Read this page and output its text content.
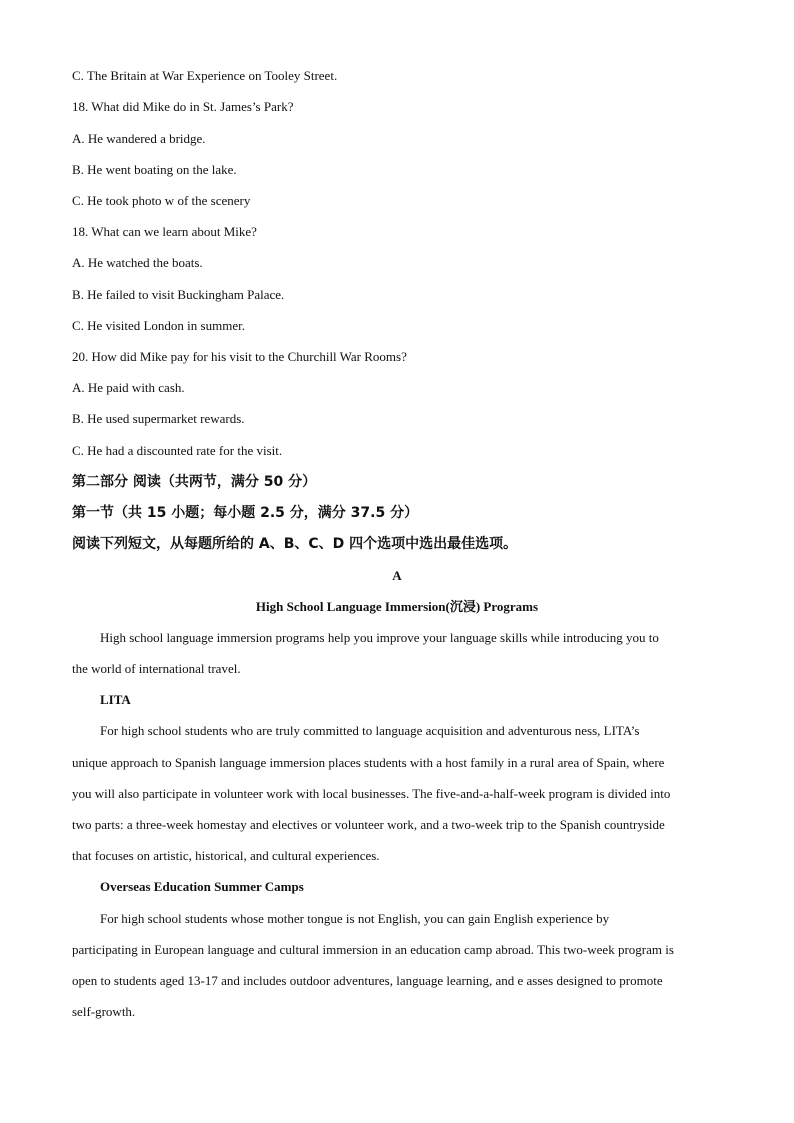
C. The Britain at War Experience on Tooley Street.
18. What did Mike do in St. James’s Park?
A. He wandered a bridge.
B. He went boating on the lake.
C. He took photo w of the scenery
18. What can we learn about Mike?
A. He watched the boats.
B. He failed to visit Buckingham Palace.
C. He visited London in summer.
20. How did Mike pay for his visit to the Churchill War Rooms?
A. He paid with cash.
B. He used supermarket rewards.
C. He had a discounted rate for the visit.
第二部分 阅读（共两节，满分 50 分）
第一节（共 15 小题；每小题 2.5 分，满分 37.5 分）
阅读下列短文，从每题所给的 A、B、C、D 四个选项中选出最佳选项。
A
High School Language Immersion(沉浸) Programs
High school language immersion programs help you improve your language skills while introducing you to
the world of international travel.
LITA
For high school students who are truly committed to language acquisition and adventurous ness, LITA’s
unique approach to Spanish language immersion places students with a host family in a rural area of Spain, where
you will also participate in volunteer work with local businesses. The five-and-a-half-week program is divided into
two parts: a three-week homestay and electives or volunteer work, and a two-week trip to the Spanish countryside
that focuses on artistic, historical, and cultural experiences.
Overseas Education Summer Camps
For high school students whose mother tongue is not English, you can gain English experience by
participating in European language and cultural immersion in an education camp abroad. This two-week program is
open to students aged 13-17 and includes outdoor adventures, language learning, and e asses designed to promote
self-growth.
